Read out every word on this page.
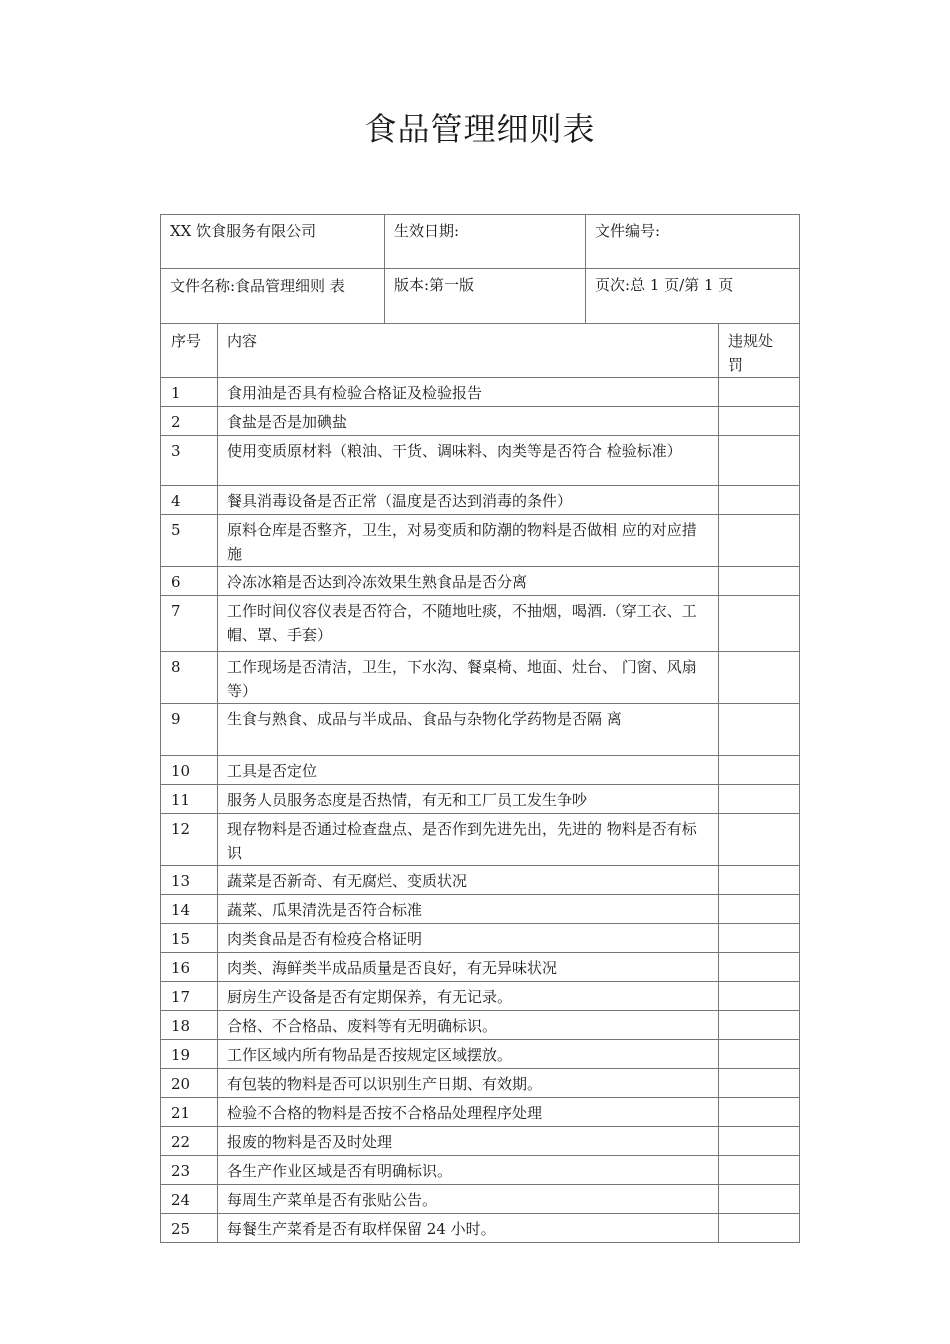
食品管理细则表
XX 饮食服务有限公司	生效日期:	文件编号:
文件名称:食品管理细则 表	版本:第一版	页次:总 1 页/第 1 页
序号	内容	违规处
罚
1	食用油是否具有检验合格证及检验报告	
2	食盐是否是加碘盐	
3	使用变质原材料（粮油、干货、调味料、肉类等是否符合 检验标准）	
4	餐具消毒设备是否正常（温度是否达到消毒的条件）	
5	原料仓库是否整齐，卫生，对易变质和防潮的物料是否做相 应的对应措施	
6	冷冻冰箱是否达到冷冻效果生熟食品是否分离	
7	工作时间仪容仪表是否符合，不随地吐痰，不抽烟，喝酒.（穿工衣、工帽、罩、手套）	
8	工作现场是否清洁，卫生，下水沟、餐桌椅、地面、灶台、 门窗、风扇等）	
9	生食与熟食、成品与半成品、食品与杂物化学药物是否隔 离	
10	工具是否定位	
11	服务人员服务态度是否热情，有无和工厂员工发生争吵	
12	现存物料是否通过检查盘点、是否作到先进先出，先进的 物料是否有标识	
13	蔬菜是否新奇、有无腐烂、变质状况	
14	蔬菜、瓜果清洗是否符合标准	
15	肉类食品是否有检疫合格证明	
16	肉类、海鲜类半成品质量是否良好，有无异味状况	
17	厨房生产设备是否有定期保养，有无记录。	
18	合格、不合格品、废料等有无明确标识。	
19	工作区域内所有物品是否按规定区域摆放。	
20	有包装的物料是否可以识别生产日期、有效期。	
21	检验不合格的物料是否按不合格品处理程序处理	
22	报废的物料是否及时处理	
23	各生产作业区域是否有明确标识。	
24	每周生产菜单是否有张贴公告。	
25	每餐生产菜肴是否有取样保留 24 小时。	
